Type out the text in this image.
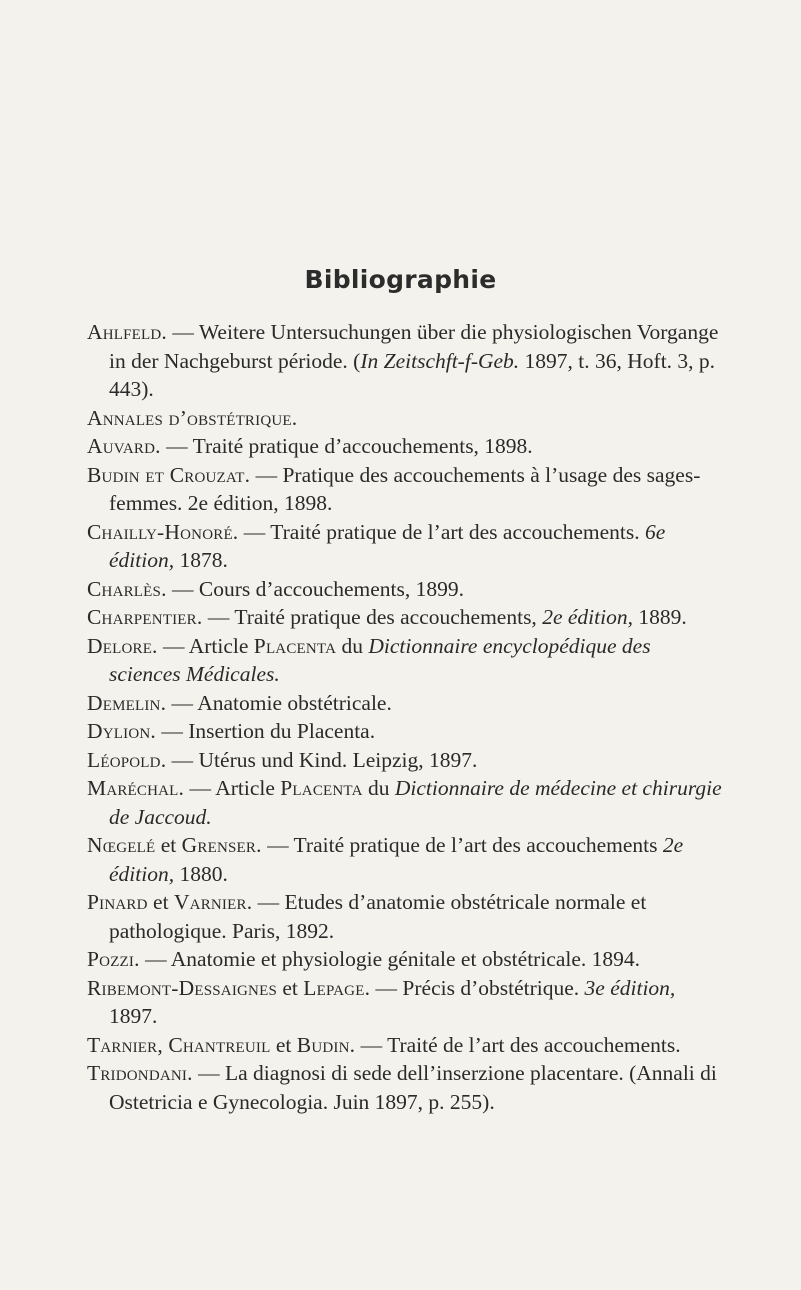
Bibliographie

Ahlfeld. — Weitere Untersuchungen über die physiologischen Vorgange in der Nachgeburst période. (In Zeitschft-f-Geb. 1897, t. 36, Hoft. 3, p. 443).

Annales d’obstétrique.

Auvard. — Traité pratique d’accouchements, 1898.

Budin et Crouzat. — Pratique des accouchements à l’usage des sages-femmes. 2e édition, 1898.

Chailly-Honoré. — Traité pratique de l’art des accouchements. 6e édition, 1878.

Charlès. — Cours d’accouchements, 1899.

Charpentier. — Traité pratique des accouchements, 2e édition, 1889.

Delore. — Article Placenta du Dictionnaire encyclopédique des sciences Médicales.

Demelin. — Anatomie obstétricale.

Dylion. — Insertion du Placenta.

Léopold. — Utérus und Kind. Leipzig, 1897.

Maréchal. — Article Placenta du Dictionnaire de médecine et chirurgie de Jaccoud.

Nœgelé et Grenser. — Traité pratique de l’art des accouchements 2e édition, 1880.

Pinard et Varnier. — Etudes d’anatomie obstétricale normale et pathologique. Paris, 1892.

Pozzi. — Anatomie et physiologie génitale et obstétricale. 1894.

Ribemont-Dessaignes et Lepage. — Précis d’obstétrique. 3e édition, 1897.

Tarnier, Chantreuil et Budin. — Traité de l’art des accouchements.

Tridondani. — La diagnosi di sede dell’inserzione placentare. (Annali di Ostetricia e Gynecologia. Juin 1897, p. 255).
